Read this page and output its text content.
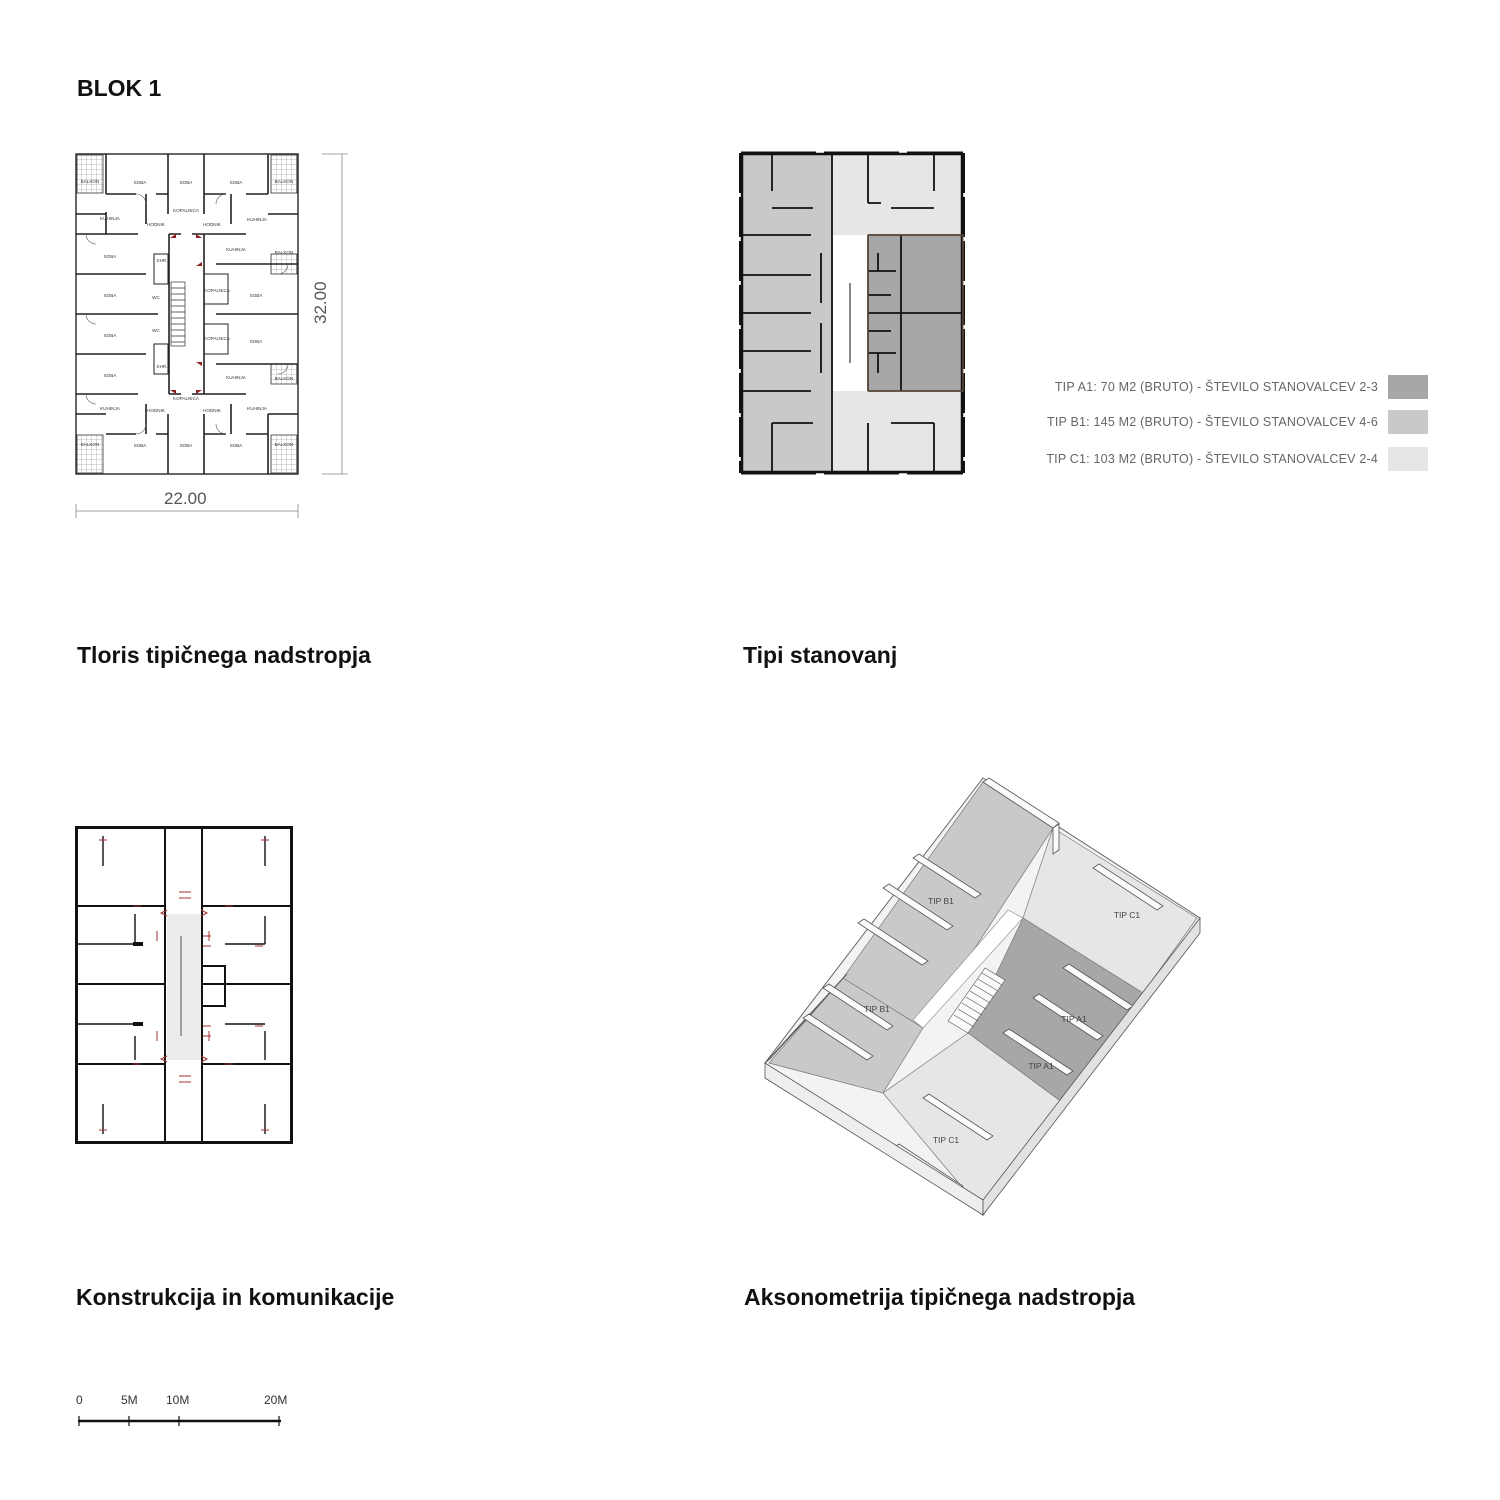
BLOK 1
BALKON	BALKON
BALKON	BALKON
BALKON
BALKON
SOBA	SOBA	SOBA
SOBA
SOBA
SOBA
SOBA
SOBA
SOBA
SOBA	SOBA	SOBA
KUHINJA	KUHINJA
KUHINJA
KUHINJA
KUHINJA	KUHINJA
HODNIK	HODNIK
HODNIK	HODNIK
KOPALNICA
KOPALNICA
KOPALNICA
KOPALNICA
WC
WC
SHR.
SHR.
22.00
32.00
Tloris tipičnega nadstropja
TIP A1: 70 M2 (BRUTO) - ŠTEVILO STANOVALCEV 2-3
TIP B1: 145 M2 (BRUTO) - ŠTEVILO STANOVALCEV 4-6
TIP C1: 103 M2 (BRUTO) - ŠTEVILO STANOVALCEV 2-4
Tipi stanovanj
Konstrukcija in komunikacije
TIP B1
TIP C1
TIP B1
TIP A1
TIP A1
TIP C1
Aksonometrija tipičnega nadstropja
0	5M 10M	20M
